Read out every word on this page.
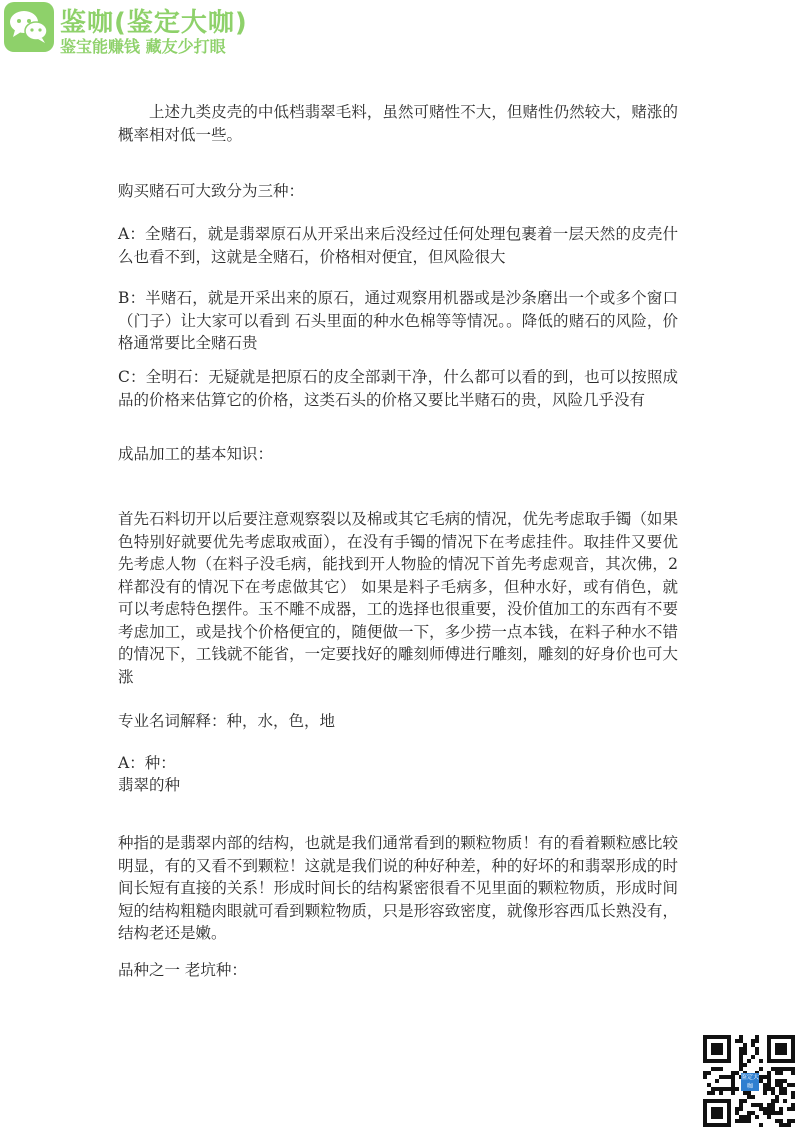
鉴咖(鉴定大咖)
鉴宝能赚钱 藏友少打眼

上述九类皮壳的中低档翡翠毛料，虽然可赌性不大，但赌性仍然较大，赌涨的概率相对低一些。

购买赌石可大致分为三种：

A：全赌石，就是翡翠原石从开采出来后没经过任何处理包裹着一层天然的皮壳什么也看不到，这就是全赌石，价格相对便宜，但风险很大

B：半赌石，就是开采出来的原石，通过观察用机器或是沙条磨出一个或多个窗口（门子）让大家可以看到 石头里面的种水色棉等等情况。。降低的赌石的风险，价格通常要比全赌石贵

C：全明石：无疑就是把原石的皮全部剥干净，什么都可以看的到，也可以按照成品的价格来估算它的价格，这类石头的价格又要比半赌石的贵，风险几乎没有

成品加工的基本知识：

首先石料切开以后要注意观察裂以及棉或其它毛病的情况，优先考虑取手镯（如果色特别好就要优先考虑取戒面），在没有手镯的情况下在考虑挂件。取挂件又要优先考虑人物（在料子没毛病，能找到开人物脸的情况下首先考虑观音，其次佛，2样都没有的情况下在考虑做其它） 如果是料子毛病多，但种水好，或有俏色，就可以考虑特色摆件。玉不雕不成器，工的选择也很重要，没价值加工的东西有不要考虑加工，或是找个价格便宜的，随便做一下，多少捞一点本钱，在料子种水不错的情况下，工钱就不能省，一定要找好的雕刻师傅进行雕刻，雕刻的好身价也可大涨

专业名词解释：种，水，色，地

A：种：

翡翠的种

种指的是翡翠内部的结构，也就是我们通常看到的颗粒物质！有的看着颗粒感比较明显，有的又看不到颗粒！这就是我们说的种好种差，种的好坏的和翡翠形成的时间长短有直接的关系！形成时间长的结构紧密很看不见里面的颗粒物质，形成时间短的结构粗糙肉眼就可看到颗粒物质，只是形容致密度，就像形容西瓜长熟没有，结构老还是嫩。

品种之一 老坑种：

鉴定大咖
